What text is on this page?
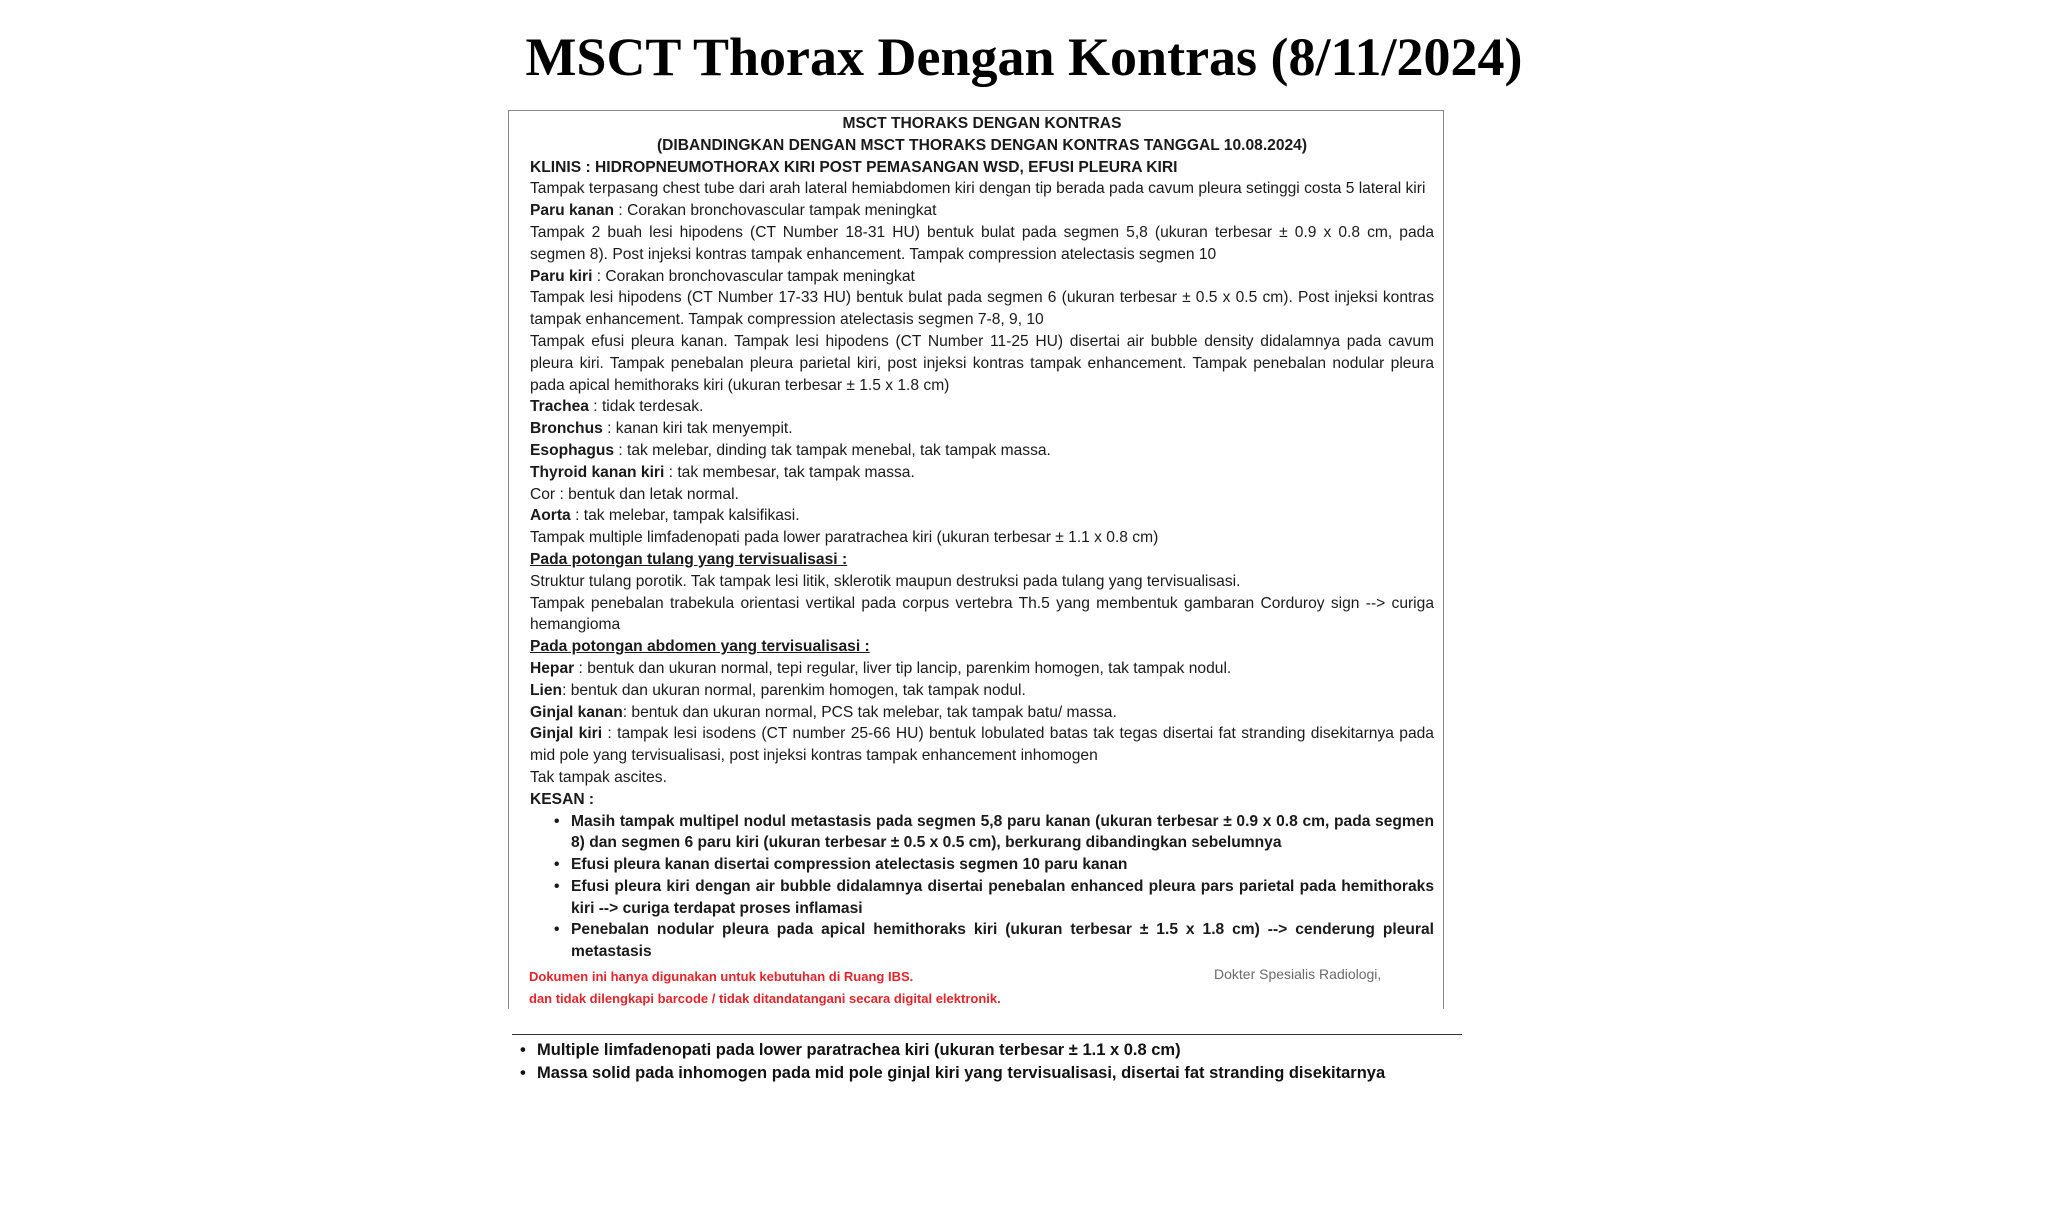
MSCT Thorax Dengan Kontras (8/11/2024)
MSCT THORAKS DENGAN KONTRAS
(DIBANDINGKAN DENGAN MSCT THORAKS DENGAN KONTRAS TANGGAL 10.08.2024)

KLINIS : HIDROPNEUMOTHORAX KIRI POST PEMASANGAN WSD, EFUSI PLEURA KIRI

Tampak terpasang chest tube dari arah lateral hemiabdomen kiri dengan tip berada pada cavum pleura setinggi costa 5 lateral kiri

Paru kanan : Corakan bronchovascular tampak meningkat

Tampak 2 buah lesi hipodens (CT Number 18-31 HU) bentuk bulat pada segmen 5,8 (ukuran terbesar ± 0.9 x 0.8 cm, pada segmen 8). Post injeksi kontras tampak enhancement. Tampak compression atelectasis segmen 10

Paru kiri : Corakan bronchovascular tampak meningkat

Tampak lesi hipodens (CT Number 17-33 HU) bentuk bulat pada segmen 6 (ukuran terbesar ± 0.5 x 0.5 cm). Post injeksi kontras tampak enhancement. Tampak compression atelectasis segmen 7-8, 9, 10

Tampak efusi pleura kanan. Tampak lesi hipodens (CT Number 11-25 HU) disertai air bubble density didalamnya pada cavum pleura kiri. Tampak penebalan pleura parietal kiri, post injeksi kontras tampak enhancement. Tampak penebalan nodular pleura pada apical hemithoraks kiri (ukuran terbesar ± 1.5 x 1.8 cm)

Trachea : tidak terdesak.

Bronchus : kanan kiri tak menyempit.

Esophagus : tak melebar, dinding tak tampak menebal, tak tampak massa.

Thyroid kanan kiri : tak membesar, tak tampak massa.

Cor : bentuk dan letak normal.

Aorta : tak melebar, tampak kalsifikasi.

Tampak multiple limfadenopati pada lower paratrachea kiri (ukuran terbesar ± 1.1 x 0.8 cm)

Pada potongan tulang yang tervisualisasi :

Struktur tulang porotik. Tak tampak lesi litik, sklerotik maupun destruksi pada tulang yang tervisualisasi.

Tampak penebalan trabekula orientasi vertikal pada corpus vertebra Th.5 yang membentuk gambaran Corduroy sign --> curiga hemangioma

Pada potongan abdomen yang tervisualisasi :

Hepar : bentuk dan ukuran normal, tepi regular, liver tip lancip, parenkim homogen, tak tampak nodul.

Lien: bentuk dan ukuran normal, parenkim homogen, tak tampak nodul.

Ginjal kanan: bentuk dan ukuran normal, PCS tak melebar, tak tampak batu/ massa.

Ginjal kiri : tampak lesi isodens (CT number 25-66 HU) bentuk lobulated batas tak tegas disertai fat stranding disekitarnya pada mid pole yang tervisualisasi, post injeksi kontras tampak enhancement inhomogen

Tak tampak ascites.

KESAN :

• Masih tampak multipel nodul metastasis pada segmen 5,8 paru kanan (ukuran terbesar ± 0.9 x 0.8 cm, pada segmen 8) dan segmen 6 paru kiri (ukuran terbesar ± 0.5 x 0.5 cm), berkurang dibandingkan sebelumnya
• Efusi pleura kanan disertai compression atelectasis segmen 10 paru kanan
• Efusi pleura kiri dengan air bubble didalamnya disertai penebalan enhanced pleura pars parietal pada hemithoraks kiri --> curiga terdapat proses inflamasi
• Penebalan nodular pleura pada apical hemithoraks kiri (ukuran terbesar ± 1.5 x 1.8 cm) --> cenderung pleural metastasis
Dokumen ini hanya digunakan untuk kebutuhan di Ruang IBS.
dan tidak dilengkapi barcode / tidak ditandatangani secara digital elektronik.
Dokter Spesialis Radiologi,
• Multiple limfadenopati pada lower paratrachea kiri (ukuran terbesar ± 1.1 x 0.8 cm)
• Massa solid pada inhomogen pada mid pole ginjal kiri yang tervisualisasi, disertai fat stranding disekitarnya
